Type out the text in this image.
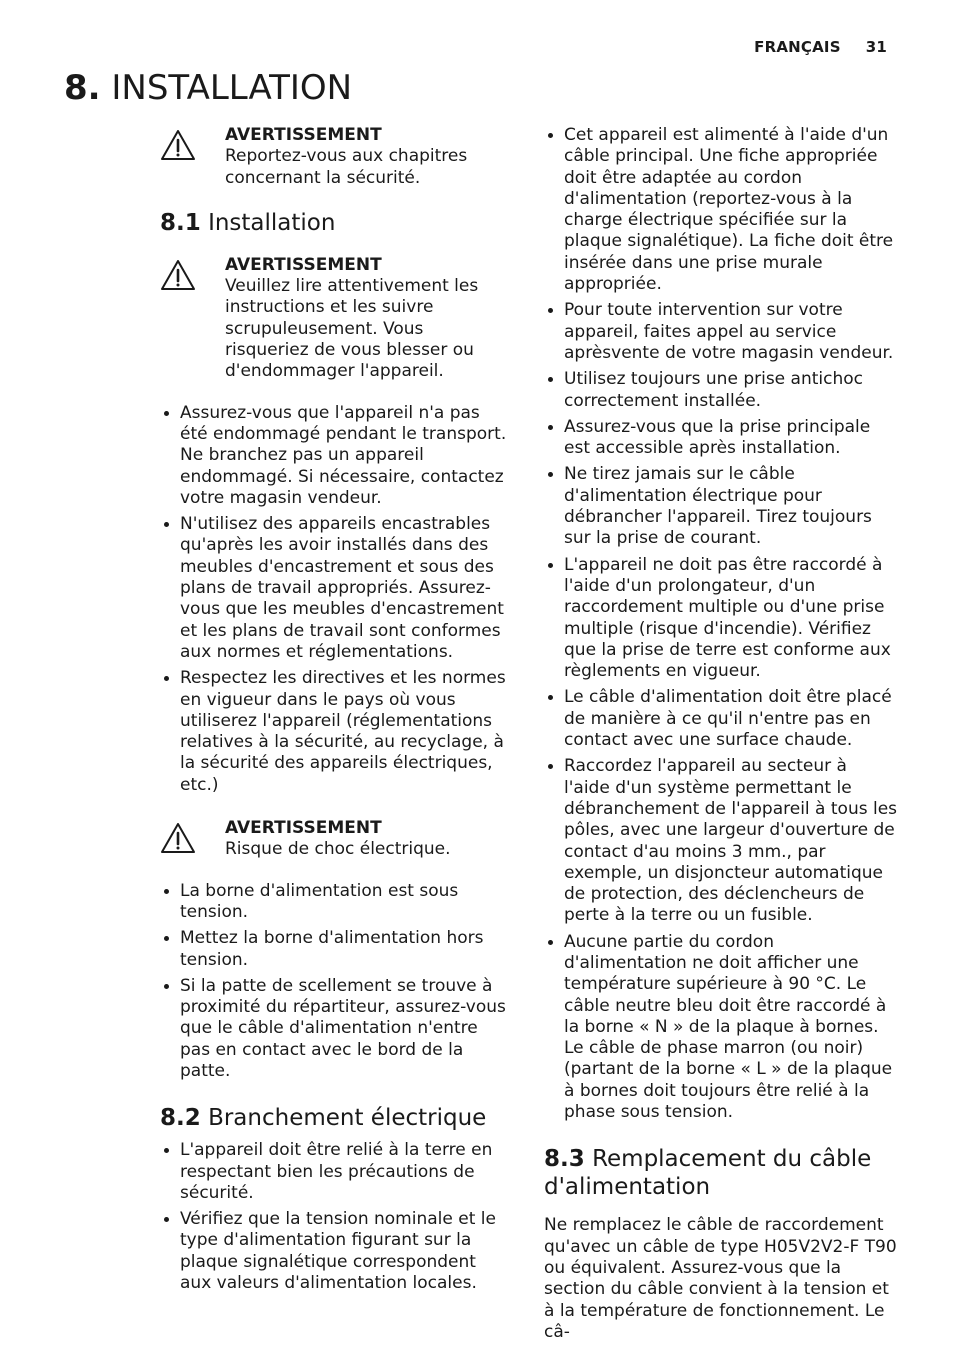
FRANÇAIS 31
8. INSTALLATION
AVERTISSEMENT
Reportez-vous aux chapitres concernant la sécurité.
8.1 Installation
AVERTISSEMENT
Veuillez lire attentivement les instructions et les suivre scrupuleusement. Vous risqueriez de vous blesser ou d'endommager l'appareil.
Assurez-vous que l'appareil n'a pas été endommagé pendant le transport. Ne branchez pas un appareil endommagé. Si nécessaire, contactez votre magasin vendeur.
N'utilisez des appareils encastrables qu'après les avoir installés dans des meubles d'encastrement et sous des plans de travail appropriés. Assurez-vous que les meubles d'encastrement et les plans de travail sont conformes aux normes et réglementations.
Respectez les directives et les normes en vigueur dans le pays où vous utiliserez l'appareil (réglementations relatives à la sécurité, au recyclage, à la sécurité des appareils électriques, etc.)
AVERTISSEMENT
Risque de choc électrique.
La borne d'alimentation est sous tension.
Mettez la borne d'alimentation hors tension.
Si la patte de scellement se trouve à proximité du répartiteur, assurez-vous que le câble d'alimentation n'entre pas en contact avec le bord de la patte.
8.2 Branchement électrique
L'appareil doit être relié à la terre en respectant bien les précautions de sécurité.
Vérifiez que la tension nominale et le type d'alimentation figurant sur la plaque signalétique correspondent aux valeurs d'alimentation locales.
Cet appareil est alimenté à l'aide d'un câble principal. Une fiche appropriée doit être adaptée au cordon d'alimentation (reportez-vous à la charge électrique spécifiée sur la plaque signalétique). La fiche doit être insérée dans une prise murale appropriée.
Pour toute intervention sur votre appareil, faites appel au service aprèsvente de votre magasin vendeur.
Utilisez toujours une prise antichoc correctement installée.
Assurez-vous que la prise principale est accessible après installation.
Ne tirez jamais sur le câble d'alimentation électrique pour débrancher l'appareil. Tirez toujours sur la prise de courant.
L'appareil ne doit pas être raccordé à l'aide d'un prolongateur, d'un raccordement multiple ou d'une prise multiple (risque d'incendie). Vérifiez que la prise de terre est conforme aux règlements en vigueur.
Le câble d'alimentation doit être placé de manière à ce qu'il n'entre pas en contact avec une surface chaude.
Raccordez l'appareil au secteur à l'aide d'un système permettant le débranchement de l'appareil à tous les pôles, avec une largeur d'ouverture de contact d'au moins 3 mm., par exemple, un disjoncteur automatique de protection, des déclencheurs de perte à la terre ou un fusible.
Aucune partie du cordon d'alimentation ne doit afficher une température supérieure à 90 °C. Le câble neutre bleu doit être raccordé à la borne « N » de la plaque à bornes. Le câble de phase marron (ou noir) (partant de la borne « L » de la plaque à bornes doit toujours être relié à la phase sous tension.
8.3 Remplacement du câble d'alimentation

Ne remplacez le câble de raccordement qu'avec un câble de type H05V2V2-F T90 ou équivalent. Assurez-vous que la section du câble convient à la tension et à la température de fonctionnement. Le câ-
